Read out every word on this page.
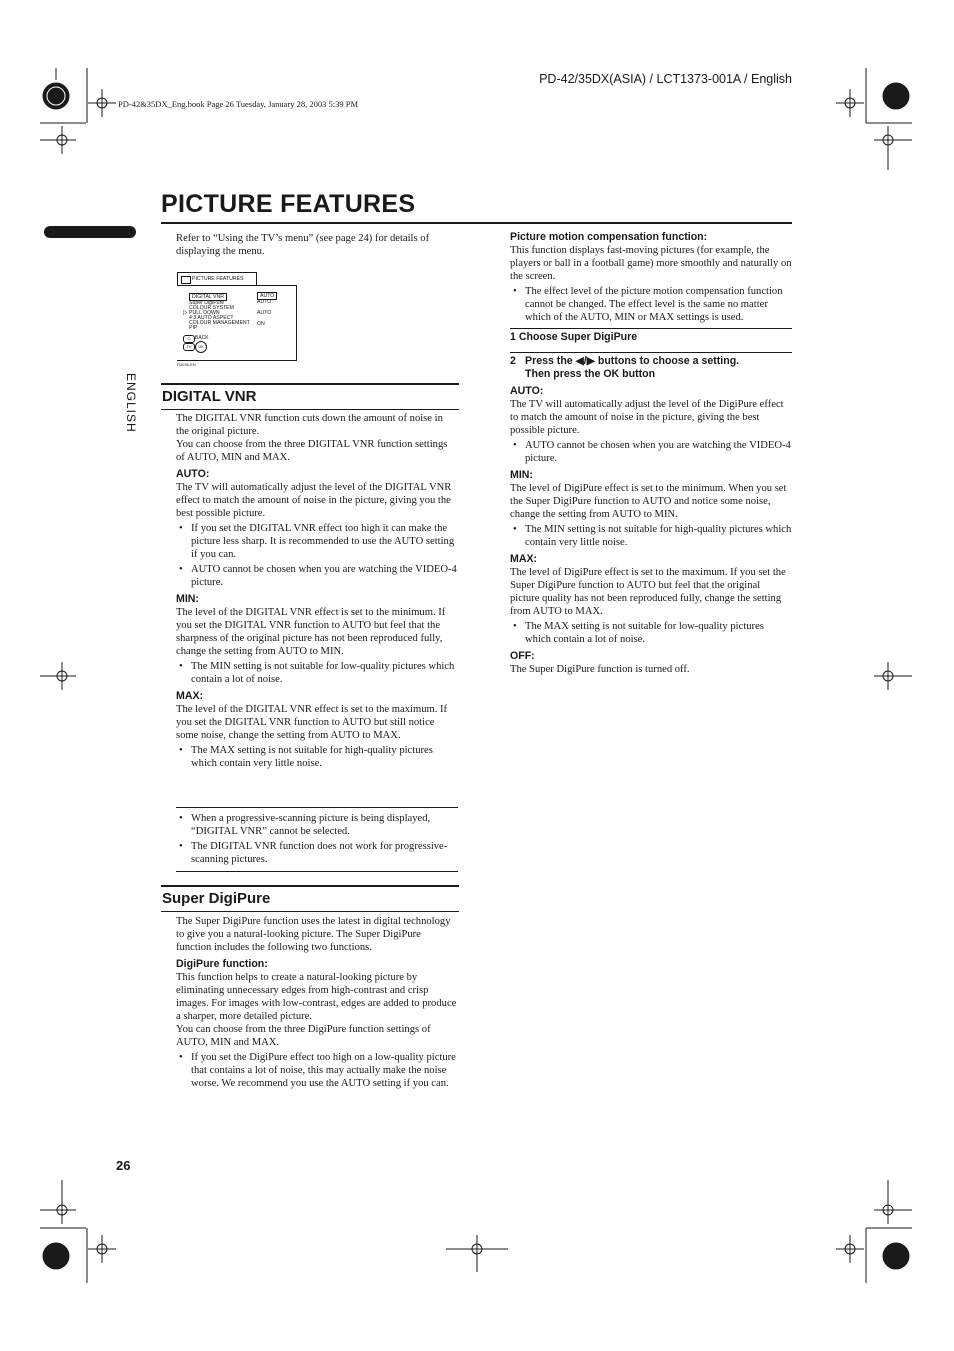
PD-42/35DX(ASIA) / LCT1373-001A / English
PD-42&35DX_Eng.book Page 26 Tuesday, January 28, 2003 5:39 PM
PICTURE FEATURES
ENGLISH

Refer to “Using the TV’s menu” (see page 24) for details of displaying the menu.

PICTURE FEATURES
▷
DIGITAL VNR
Super DigiPure
COLOUR SYSTEM
PULL DOWN
4:3 AUTO ASPECT
COLOUR MANAGEMENT
PIP
AUTO
AUTO
AUTO
ON
⊙ BACK
TV	OK
D3036-EN
DIGITAL VNR

The DIGITAL VNR function cuts down the amount of noise in the original picture.

You can choose from the three DIGITAL VNR function settings of AUTO, MIN and MAX.

AUTO:

The TV will automatically adjust the level of the DIGITAL VNR effect to match the amount of noise in the picture, giving you the best possible picture.

• If you set the DIGITAL VNR effect too high it can make the picture less sharp. It is recommended to use the AUTO setting if you can.
• AUTO cannot be chosen when you are watching the VIDEO-4 picture.
MIN:

The level of the DIGITAL VNR effect is set to the minimum. If you set the DIGITAL VNR function to AUTO but feel that the sharpness of the original picture has not been reproduced fully, change the setting from AUTO to MIN.

• The MIN setting is not suitable for low-quality pictures which contain a lot of noise.
MAX:

The level of the DIGITAL VNR effect is set to the maximum. If you set the DIGITAL VNR function to AUTO but still notice some noise, change the setting from AUTO to MAX.

• The MAX setting is not suitable for high-quality pictures which contain very little noise.
• When a progressive-scanning picture is being displayed, “DIGITAL VNR” cannot be selected.
• The DIGITAL VNR function does not work for progressive-scanning pictures.
Super DigiPure

The Super DigiPure function uses the latest in digital technology to give you a natural-looking picture. The Super DigiPure function includes the following two functions.

DigiPure function:

This function helps to create a natural-looking picture by eliminating unnecessary edges from high-contrast and crisp images. For images with low-contrast, edges are added to produce a sharper, more detailed picture.

You can choose from the three DigiPure function settings of AUTO, MIN and MAX.

• If you set the DigiPure effect too high on a low-quality picture that contains a lot of noise, this may actually make the noise worse. We recommend you use the AUTO setting if you can.
Picture motion compensation function:

This function displays fast-moving pictures (for example, the players or ball in a football game) more smoothly and naturally on the screen.

• The effect level of the picture motion compensation function cannot be changed. The effect level is the same no matter which of the AUTO, MIN or MAX settings is used.
1 Choose Super DigiPure
2 Press the ◀/▶ buttons to choose a setting.
Then press the OK button
AUTO:

The TV will automatically adjust the level of the DigiPure effect to match the amount of noise in the picture, giving the best possible picture.

• AUTO cannot be chosen when you are watching the VIDEO-4 picture.
MIN:

The level of DigiPure effect is set to the minimum. When you set the Super DigiPure function to AUTO and notice some noise, change the setting from AUTO to MIN.

• The MIN setting is not suitable for high-quality pictures which contain very little noise.
MAX:

The level of DigiPure effect is set to the maximum. If you set the Super DigiPure function to AUTO but feel that the original picture quality has not been reproduced fully, change the setting from AUTO to MAX.

• The MAX setting is not suitable for low-quality pictures which contain a lot of noise.
OFF:

The Super DigiPure function is turned off.

26
